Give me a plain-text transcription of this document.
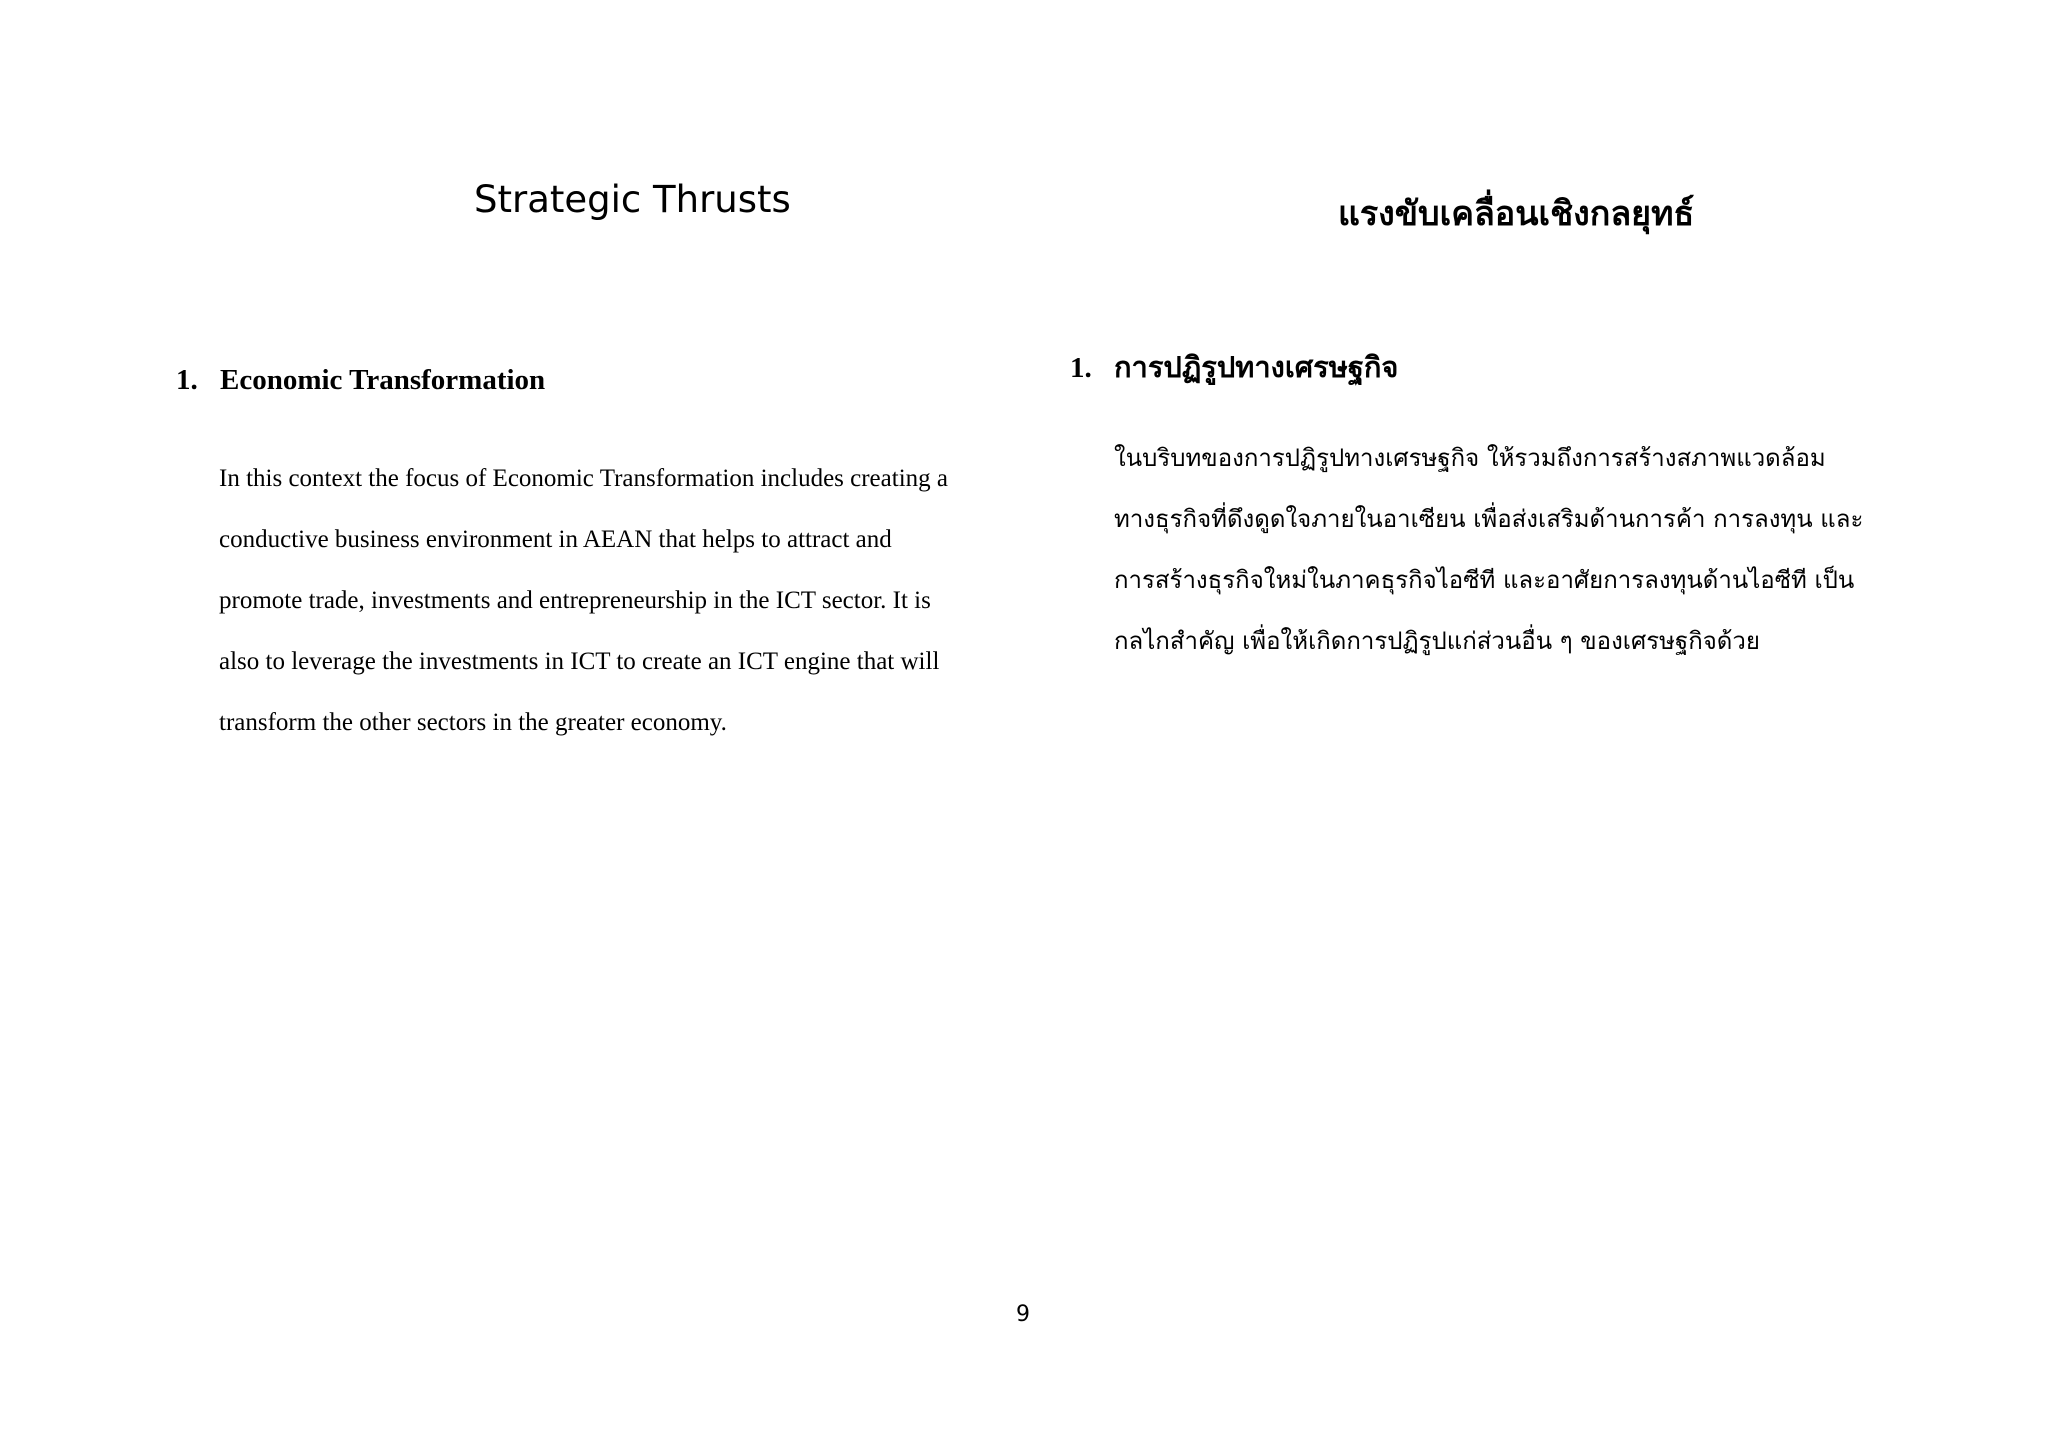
Strategic Thrusts
1. Economic Transformation

In this context the focus of Economic Transformation includes creating a
conductive business environment in AEAN that helps to attract and
promote trade, investments and entrepreneurship in the ICT sector. It is
also to leverage the investments in ICT to create an ICT engine that will
transform the other sectors in the greater economy.

แรงขับเคลื่อนเชิงกลยุทธ์
1. การปฏิรูปทางเศรษฐกิจ

ในบริบทของการปฏิรูปทางเศรษฐกิจ ให้รวมถึงการสร้างสภาพแวดล้อม
ทางธุรกิจที่ดึงดูดใจภายในอาเซียน เพื่อส่งเสริมด้านการค้า การลงทุน และ
การสร้างธุรกิจใหม่ในภาคธุรกิจไอซีที และอาศัยการลงทุนด้านไอซีที เป็น
กลไกสำคัญ เพื่อให้เกิดการปฏิรูปแก่ส่วนอื่น ๆ ของเศรษฐกิจด้วย

9
